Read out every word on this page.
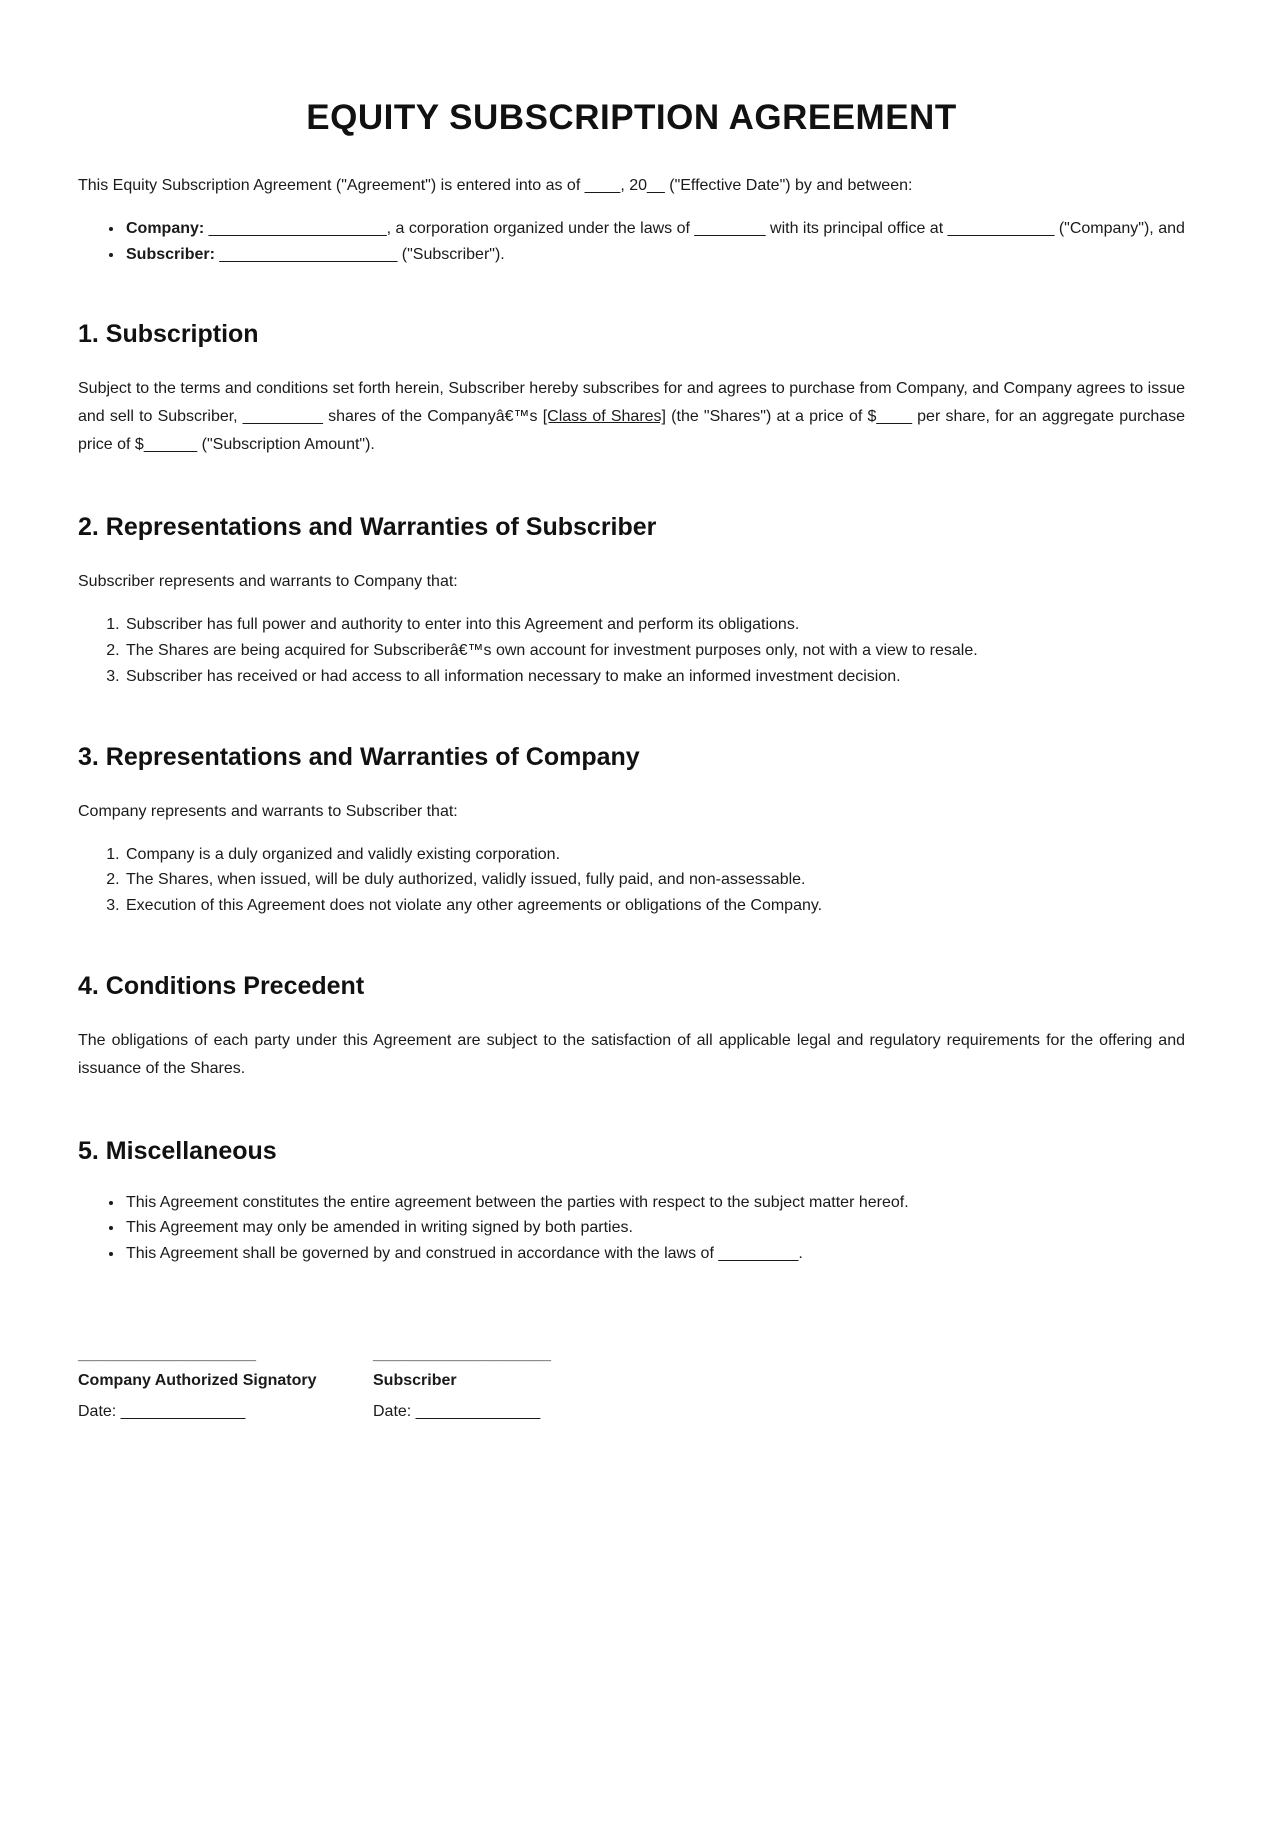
EQUITY SUBSCRIPTION AGREEMENT

This Equity Subscription Agreement ("Agreement") is entered into as of ____, 20__ ("Effective Date") by and between:

• Company: ____________________, a corporation organized under the laws of ________ with its principal office at ____________ ("Company"), and
• Subscriber: ____________________ ("Subscriber").
1. Subscription

Subject to the terms and conditions set forth herein, Subscriber hereby subscribes for and agrees to purchase from Company, and Company agrees to issue and sell to Subscriber, _________ shares of the Companyâ€™s [Class of Shares] (the "Shares") at a price of $____ per share, for an aggregate purchase price of $______ ("Subscription Amount").

2. Representations and Warranties of Subscriber

Subscriber represents and warrants to Company that:

1. Subscriber has full power and authority to enter into this Agreement and perform its obligations.
2. The Shares are being acquired for Subscriberâ€™s own account for investment purposes only, not with a view to resale.
3. Subscriber has received or had access to all information necessary to make an informed investment decision.
3. Representations and Warranties of Company

Company represents and warrants to Subscriber that:

1. Company is a duly organized and validly existing corporation.
2. The Shares, when issued, will be duly authorized, validly issued, fully paid, and non-assessable.
3. Execution of this Agreement does not violate any other agreements or obligations of the Company.
4. Conditions Precedent

The obligations of each party under this Agreement are subject to the satisfaction of all applicable legal and regulatory requirements for the offering and issuance of the Shares.

5. Miscellaneous
• This Agreement constitutes the entire agreement between the parties with respect to the subject matter hereof.
• This Agreement may only be amended in writing signed by both parties.
• This Agreement shall be governed by and construed in accordance with the laws of _________.
____________________
Company Authorized Signatory
Date: ______________
____________________
Subscriber
Date: ______________
